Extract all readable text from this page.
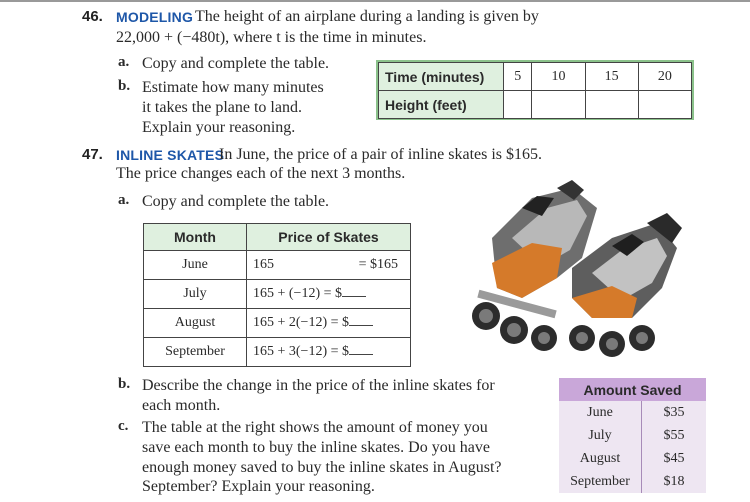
46. MODELING The height of an airplane during a landing is given by
22,000 + (−480t), where t is the time in minutes.
a. Copy and complete the table.
b. Estimate how many minutes
it takes the plane to land.
Explain your reasoning.
Time (minutes)	5	10	15	20
Height (feet)				
47. INLINE SKATES
In June, the price of a pair of inline skates is $165.
The price changes each of the next 3 months.
a. Copy and complete the table.
Month	Price of Skates
June	165 = $165

July	165 + (−12) = $
August	165 + 2(−12) = $
September	165 + 3(−12) = $
b. Describe the change in the price of the inline skates for
each month.
c. The table at the right shows the amount of money you
save each month to buy the inline skates. Do you have
enough money saved to buy the inline skates in August?
September? Explain your reasoning.
Amount Saved	
June	$35
July	$55
August	$45
September	$18
